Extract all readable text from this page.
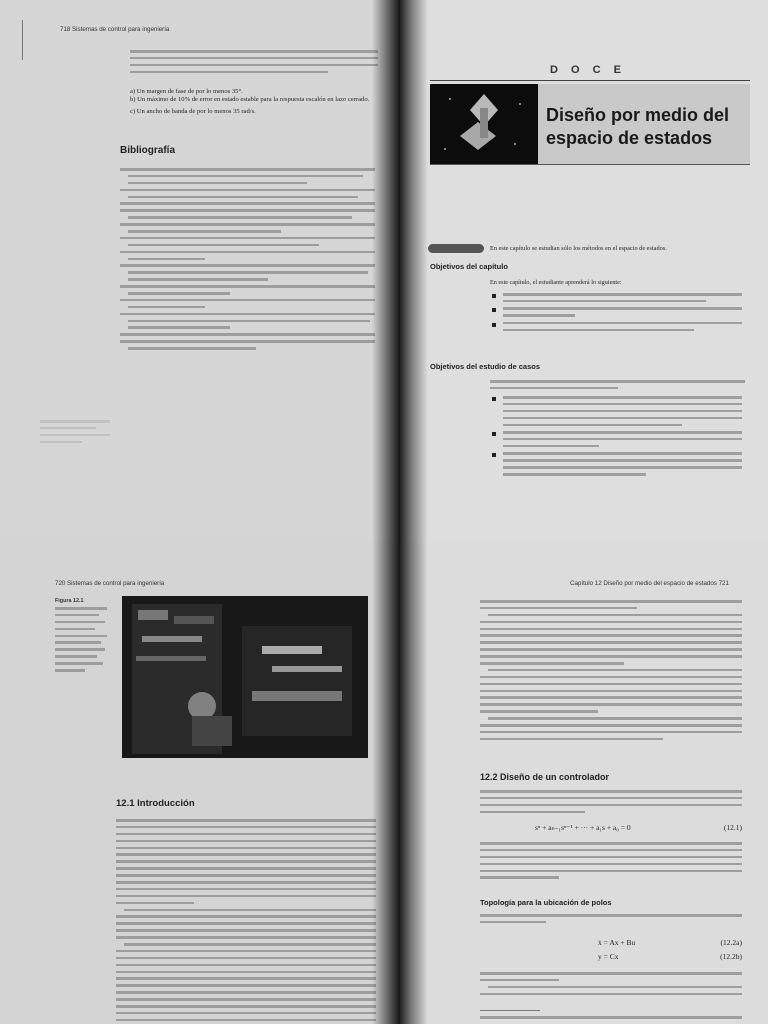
718 Sistemas de control para ingeniería
a) Un margen de fase de por lo menos 35°.
b) Un máximo de 10% de error en estado estable para la respuesta escalón en lazo cerrado.
c) Un ancho de banda de por lo menos 35 rad/s.
Bibliografía
D O C E
Diseño por medio del
espacio de estados
En este capítulo se estudian sólo los métodos en el espacio de estados.
Objetivos del capítulo
En este capítulo, el estudiante aprenderá lo siguiente:
Objetivos del estudio de casos
720 Sistemas de control para ingeniería
Figura 12.1
12.1 Introducción
Capítulo 12 Diseño por medio del espacio de estados 721
12.2 Diseño de un controlador
sⁿ + aₙ₋₁sⁿ⁻¹ + ··· + a₁s + a₀ = 0	(12.1)
Topología para la ubicación de polos
ẋ = Ax + Bu	(12.2a)
y = Cx	(12.2b)
